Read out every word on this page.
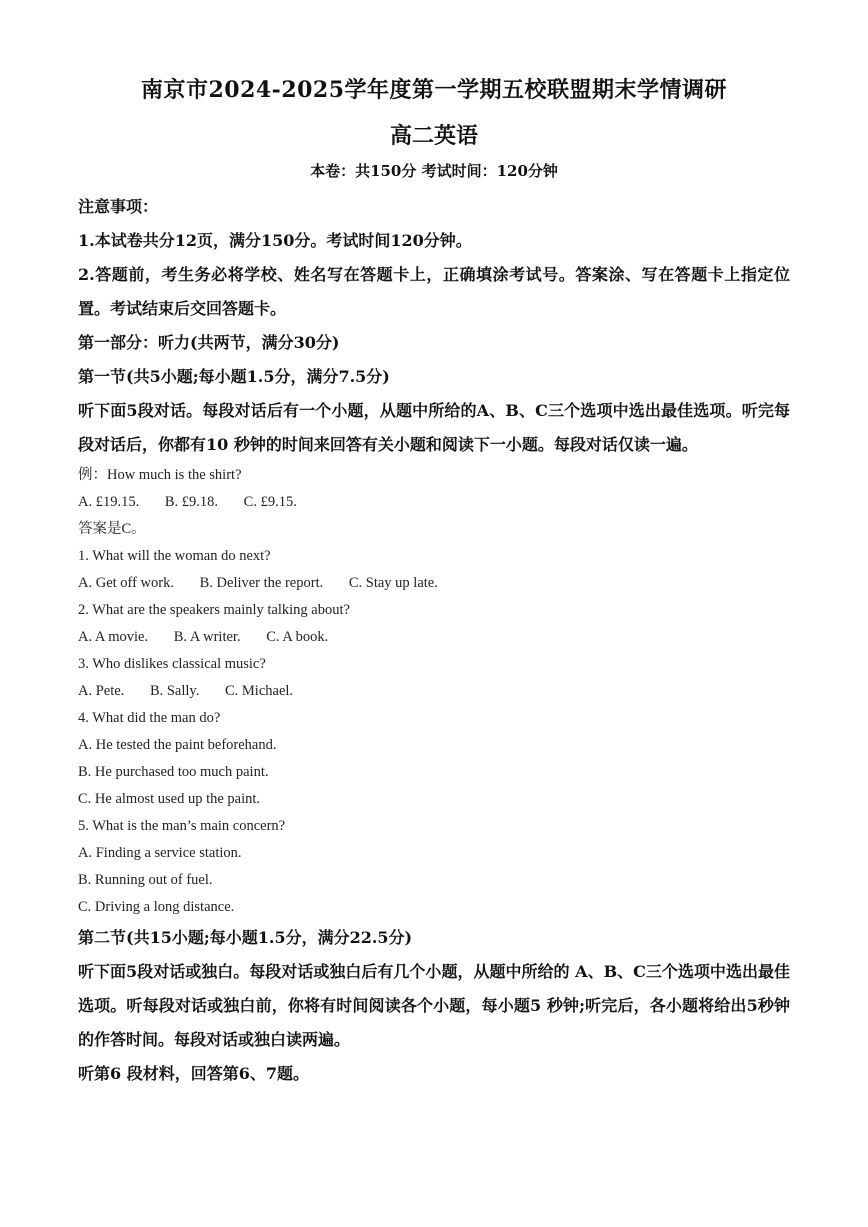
南京市2024-2025学年度第一学期五校联盟期末学情调研
高二英语

本卷：共150分 考试时间：120分钟

注意事项：

1.本试卷共分12页，满分150分。考试时间120分钟。

2.答题前，考生务必将学校、姓名写在答题卡上，正确填涂考试号。答案涂、写在答题卡上指定位置。考试结束后交回答题卡。

第一部分：听力(共两节，满分30分)

第一节(共5小题;每小题1.5分，满分7.5分)

听下面5段对话。每段对话后有一个小题，从题中所给的A、B、C三个选项中选出最佳选项。听完每段对话后，你都有10 秒钟的时间来回答有关小题和阅读下一小题。每段对话仅读一遍。

例：How much is the shirt?

A. £19.15. B. £9.18. C. £9.15.

答案是C。

1. What will the woman do next?

A. Get off work. B. Deliver the report. C. Stay up late.

2. What are the speakers mainly talking about?

A. A movie. B. A writer. C. A book.

3. Who dislikes classical music?

A. Pete. B. Sally. C. Michael.

4. What did the man do?

A. He tested the paint beforehand.

B. He purchased too much paint.

C. He almost used up the paint.

5. What is the man’s main concern?

A. Finding a service station.

B. Running out of fuel.

C. Driving a long distance.

第二节(共15小题;每小题1.5分，满分22.5分)

听下面5段对话或独白。每段对话或独白后有几个小题，从题中所给的 A、B、C三个选项中选出最佳选项。听每段对话或独白前，你将有时间阅读各个小题，每小题5 秒钟;听完后，各小题将给出5秒钟的作答时间。每段对话或独白读两遍。

听第6 段材料，回答第6、7题。
